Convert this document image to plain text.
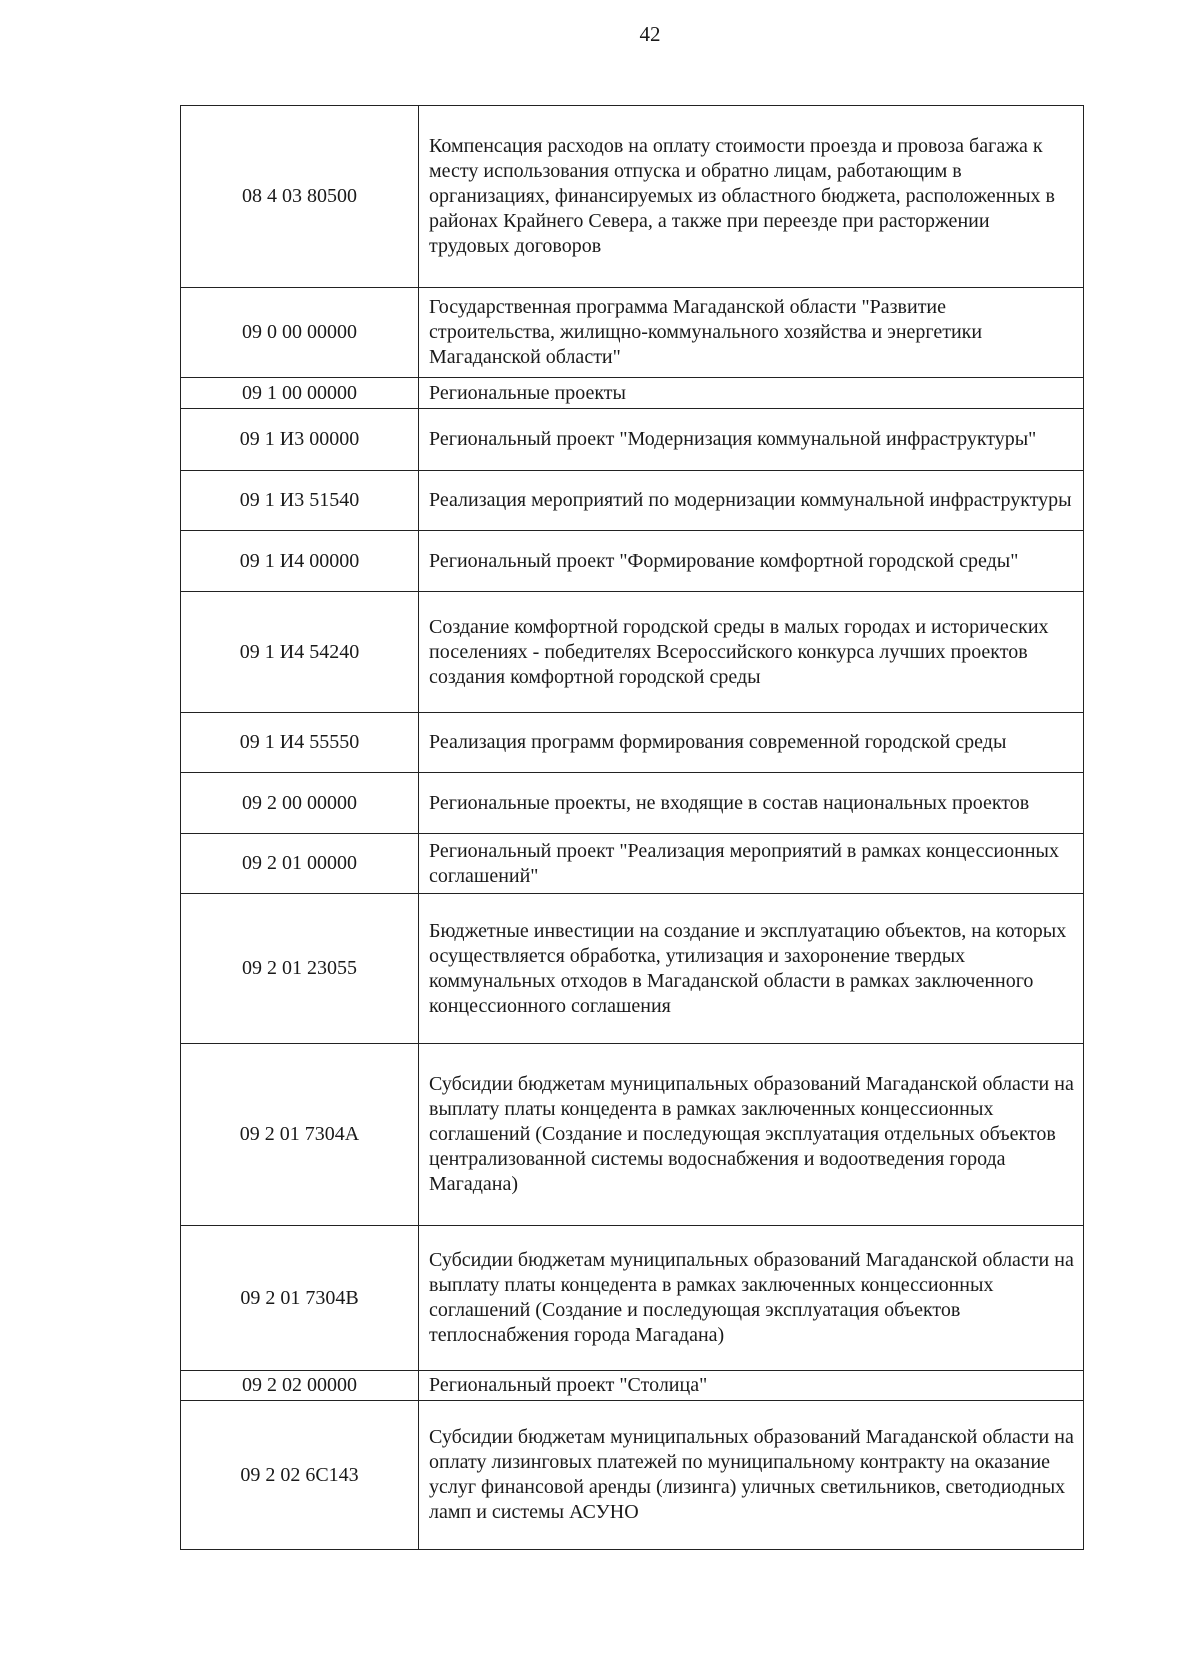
42
08 4 03 80500	Компенсация расходов на оплату стоимости проезда и провоза багажа к месту использования отпуска и обратно лицам, работающим в организациях, финансируемых из областного бюджета, расположенных в районах Крайнего Севера, а также при переезде при расторжении трудовых договоров
09 0 00 00000	Государственная программа Магаданской области "Развитие строительства, жилищно-коммунального хозяйства и энергетики Магаданской области"
09 1 00 00000	Региональные проекты
09 1 И3 00000	Региональный проект "Модернизация коммунальной инфраструктуры"
09 1 И3 51540	Реализация мероприятий по модернизации коммунальной инфраструктуры
09 1 И4 00000	Региональный проект "Формирование комфортной городской среды"
09 1 И4 54240	Создание комфортной городской среды в малых городах и исторических поселениях - победителях Всероссийского конкурса лучших проектов создания комфортной городской среды
09 1 И4 55550	Реализация программ формирования современной городской среды
09 2 00 00000	Региональные проекты, не входящие в состав национальных проектов
09 2 01 00000	Региональный проект "Реализация мероприятий в рамках концессионных соглашений"
09 2 01 23055	Бюджетные инвестиции на создание и эксплуатацию объектов, на которых осуществляется обработка, утилизация и захоронение твердых коммунальных отходов в Магаданской области в рамках заключенного концессионного соглашения
09 2 01 7304A	Субсидии бюджетам муниципальных образований Магаданской области на выплату платы концедента в рамках заключенных концессионных соглашений (Создание и последующая эксплуатация отдельных объектов централизованной системы водоснабжения и водоотведения города Магадана)
09 2 01 7304B	Субсидии бюджетам муниципальных образований Магаданской области на выплату платы концедента в рамках заключенных концессионных соглашений (Создание и последующая эксплуатация объектов теплоснабжения города Магадана)
09 2 02 00000	Региональный проект "Столица"
09 2 02 6C143	Субсидии бюджетам муниципальных образований Магаданской области на оплату лизинговых платежей по муниципальному контракту на оказание услуг финансовой аренды (лизинга) уличных светильников, светодиодных ламп и системы АСУНО
